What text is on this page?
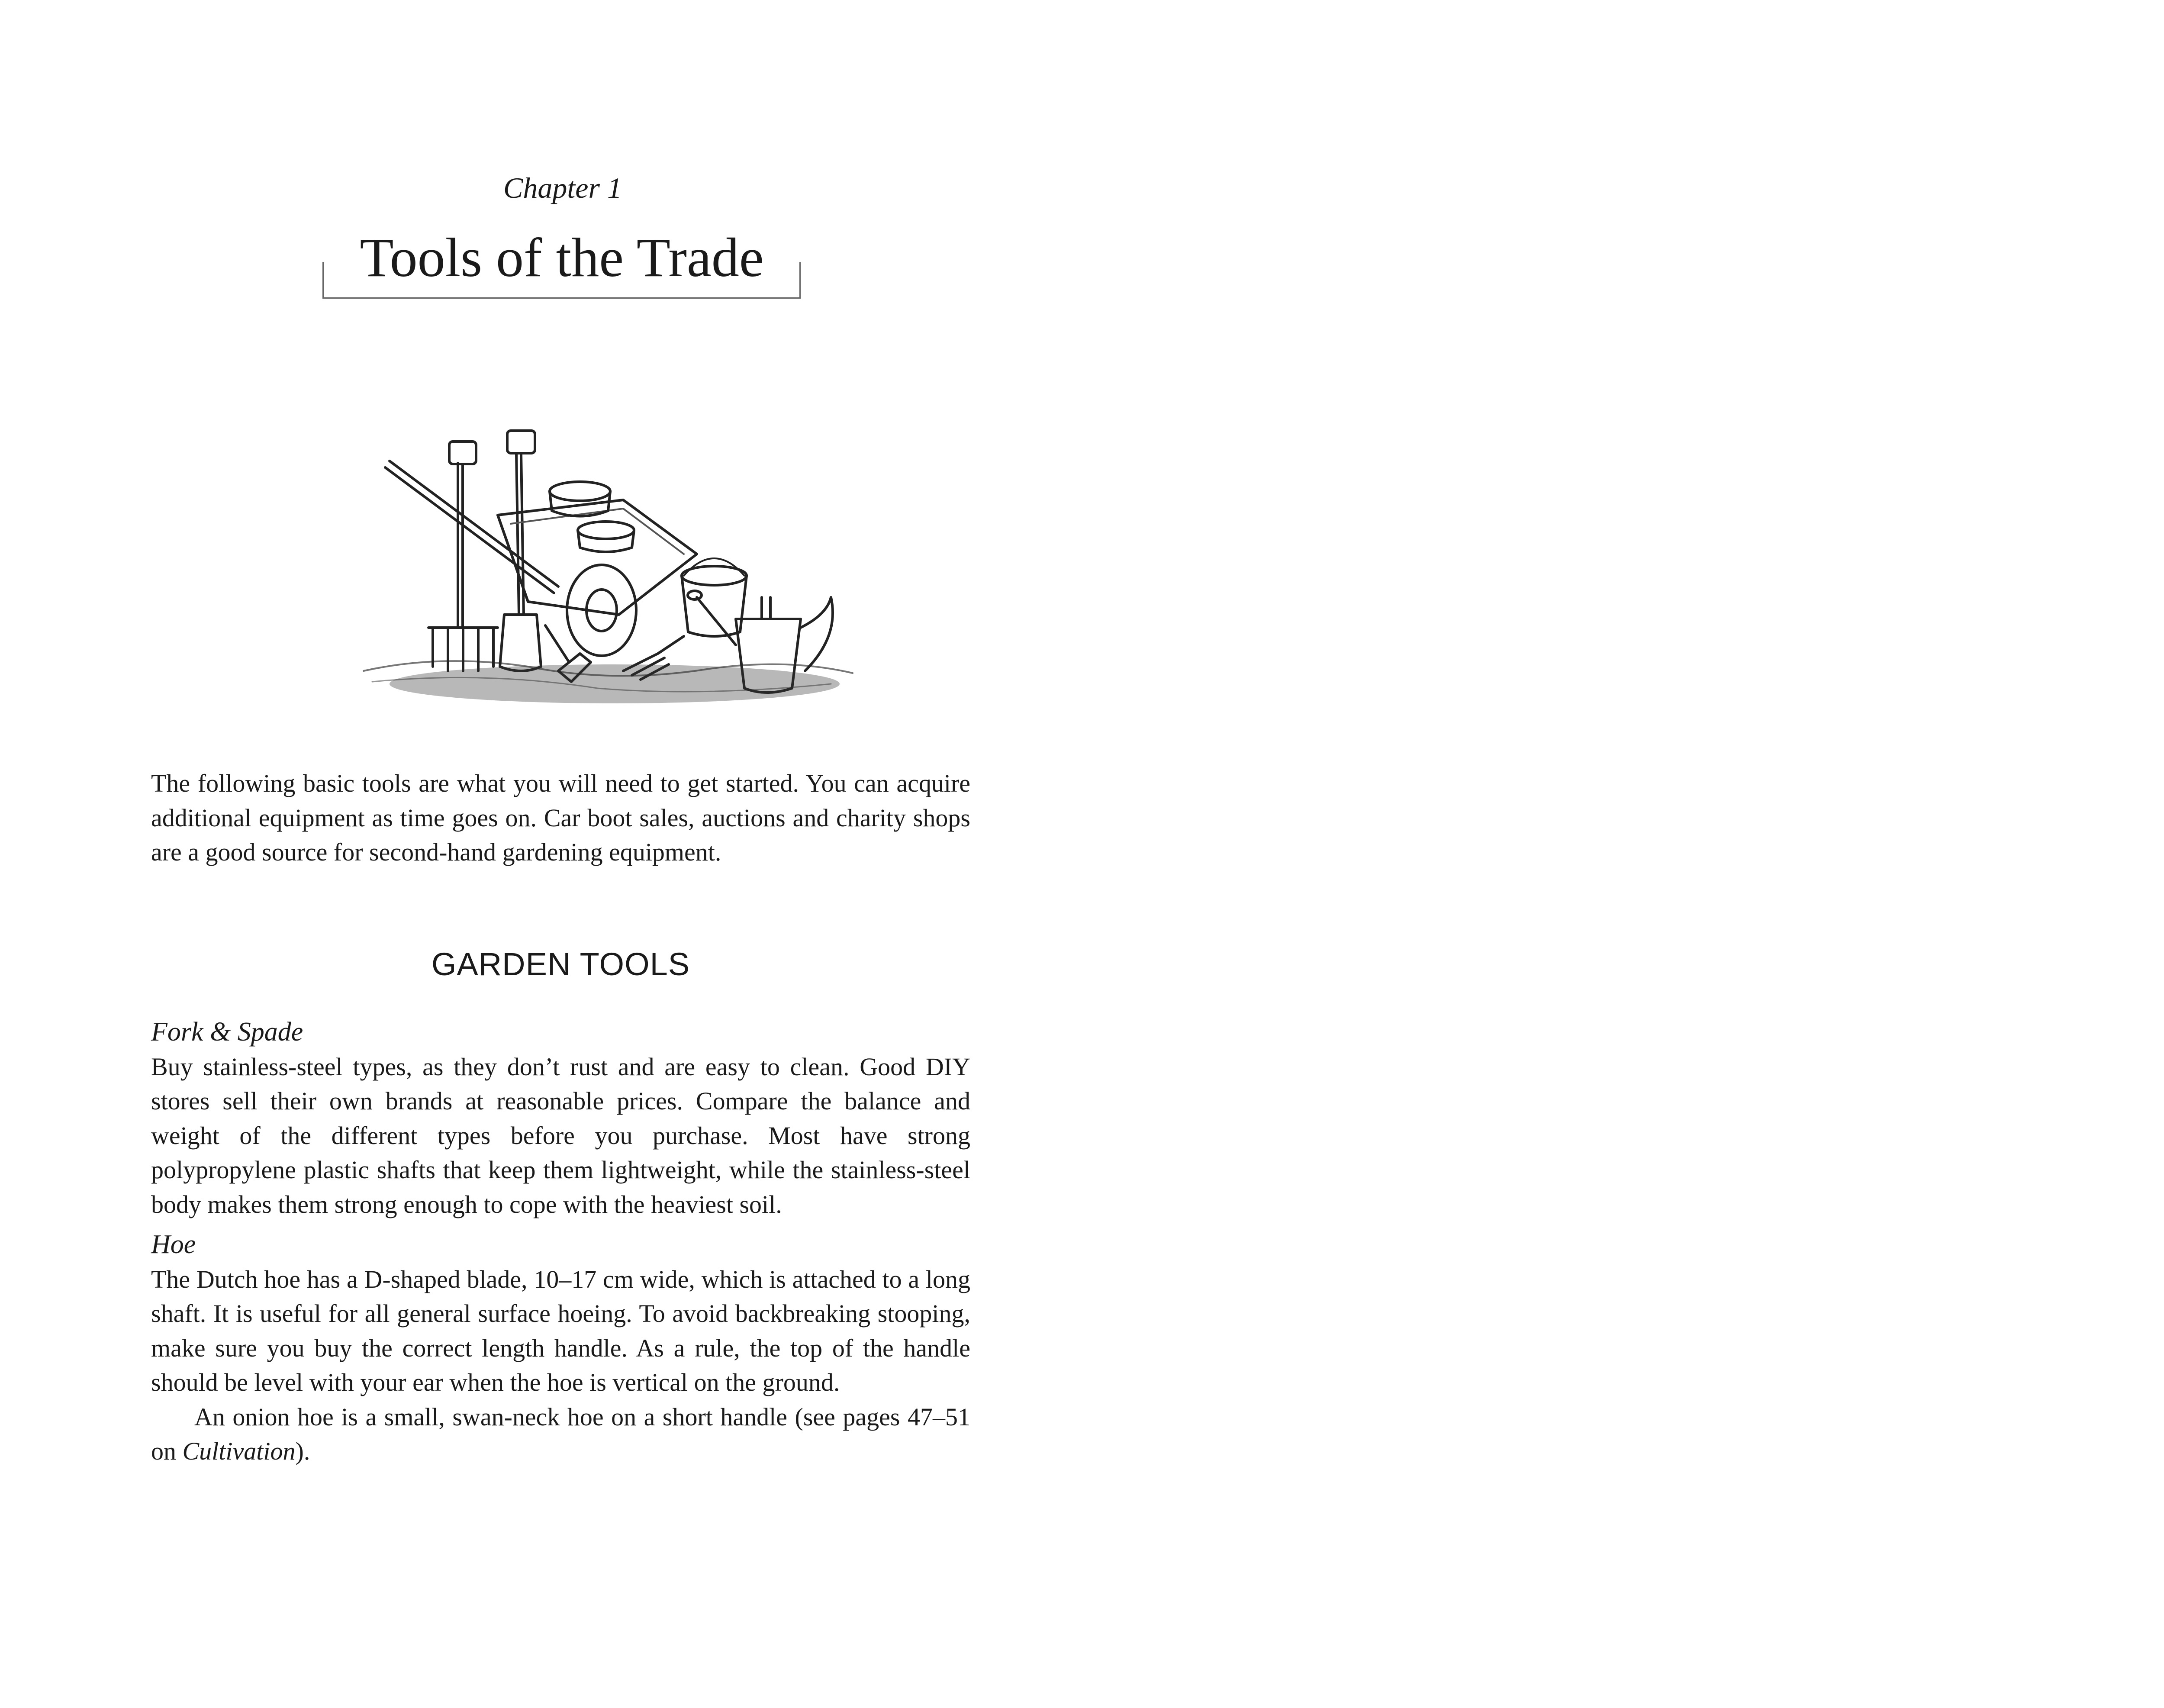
Chapter 1
Tools of the Trade

The following basic tools are what you will need to get started. You can acquire additional equipment as time goes on. Car boot sales, auctions and charity shops are a good source for second-hand gardening equipment.

GARDEN TOOLS
Fork & Spade

Buy stainless-steel types, as they don’t rust and are easy to clean. Good DIY stores sell their own brands at reasonable prices. Compare the balance and weight of the different types before you purchase. Most have strong polypropylene plastic shafts that keep them lightweight, while the stainless-steel body makes them strong enough to cope with the heaviest soil.

Hoe

The Dutch hoe has a D-shaped blade, 10–17 cm wide, which is attached to a long shaft. It is useful for all general surface hoeing. To avoid backbreaking stooping, make sure you buy the correct length handle. As a rule, the top of the handle should be level with your ear when the hoe is vertical on the ground.

An onion hoe is a small, swan-neck hoe on a short handle (see pages 47–51 on Cultivation).
